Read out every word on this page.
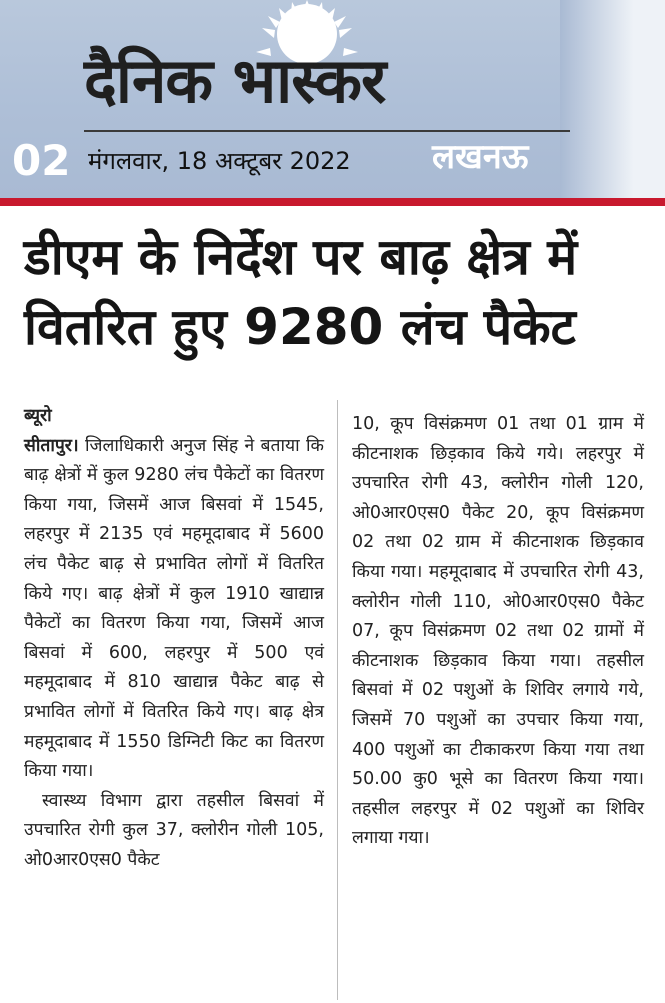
दैनिक भास्कर
02 मंगलवार, 18 अक्टूबर 2022 लखनऊ
डीएम के निर्देश पर बाढ़ क्षेत्र में
वितरित हुए 9280 लंच पैकेट
ब्यूरो
सीतापुर। जिलाधिकारी अनुज सिंह ने बताया कि बाढ़ क्षेत्रों में कुल 9280 लंच पैकेटों का वितरण किया गया, जिसमें आज बिसवां में 1545, लहरपुर में 2135 एवं महमूदाबाद में 5600 लंच पैकेट बाढ़ से प्रभावित लोगों में वितरित किये गए। बाढ़ क्षेत्रों में कुल 1910 खाद्यान्न पैकेटों का वितरण किया गया, जिसमें आज बिसवां में 600, लहरपुर में 500 एवं महमूदाबाद में 810 खाद्यान्न पैकेट बाढ़ से प्रभावित लोगों में वितरित किये गए। बाढ़ क्षेत्र महमूदाबाद में 1550 डिग्निटी किट का वितरण किया गया।
स्वास्थ्य विभाग द्वारा तहसील बिसवां में उपचारित रोगी कुल 37, क्लोरीन गोली 105, ओ0आर0एस0 पैकेट
10, कूप विसंक्रमण 01 तथा 01 ग्राम में कीटनाशक छिड़काव किये गये। लहरपुर में उपचारित रोगी 43, क्लोरीन गोली 120, ओ0आर0एस0 पैकेट 20, कूप विसंक्रमण 02 तथा 02 ग्राम में कीटनाशक छिड़काव किया गया। महमूदाबाद में उपचारित रोगी 43, क्लोरीन गोली 110, ओ0आर0एस0 पैकेट 07, कूप विसंक्रमण 02 तथा 02 ग्रामों में कीटनाशक छिड़काव किया गया। तहसील बिसवां में 02 पशुओं के शिविर लगाये गये, जिसमें 70 पशुओं का उपचार किया गया, 400 पशुओं का टीकाकरण किया गया तथा 50.00 कु0 भूसे का वितरण किया गया। तहसील लहरपुर में 02 पशुओं का शिविर लगाया गया।
